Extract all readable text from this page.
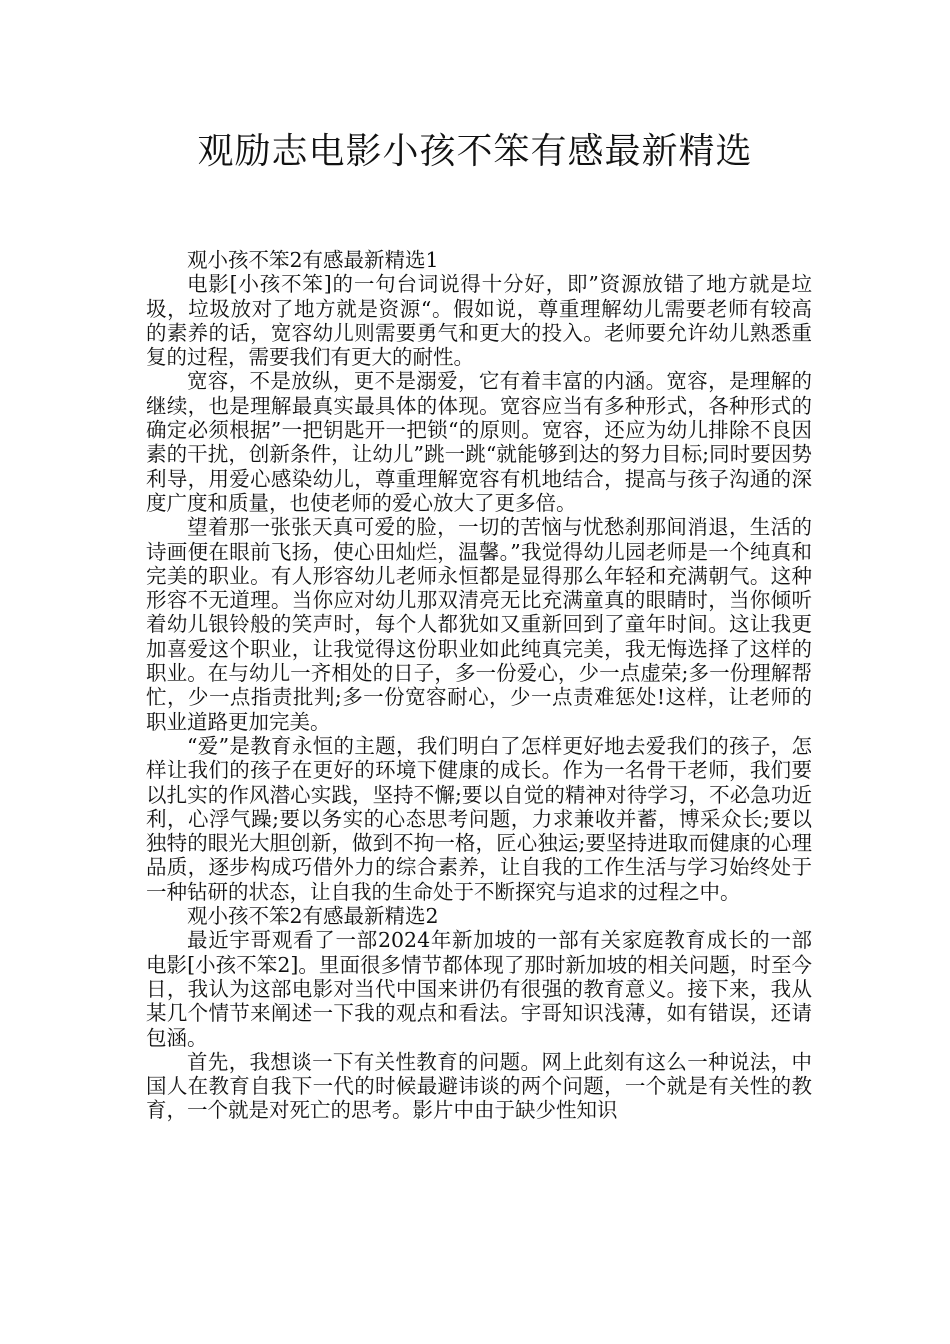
观励志电影小孩不笨有感最新精选

观小孩不笨2有感最新精选1

电影[小孩不笨]的一句台词说得十分好，即”资源放错了地方就是垃圾，垃圾放对了地方就是资源“。假如说，尊重理解幼儿需要老师有较高的素养的话，宽容幼儿则需要勇气和更大的投入。老师要允许幼儿熟悉重复的过程，需要我们有更大的耐性。

宽容，不是放纵，更不是溺爱，它有着丰富的内涵。宽容，是理解的继续，也是理解最真实最具体的体现。宽容应当有多种形式，各种形式的确定必须根据”一把钥匙开一把锁“的原则。宽容，还应为幼儿排除不良因素的干扰，创新条件，让幼儿”跳一跳“就能够到达的努力目标;同时要因势利导，用爱心感染幼儿，尊重理解宽容有机地结合，提高与孩子沟通的深度广度和质量，也使老师的爱心放大了更多倍。

望着那一张张天真可爱的脸，一切的苦恼与忧愁刹那间消退，生活的诗画便在眼前飞扬，使心田灿烂，温馨。”我觉得幼儿园老师是一个纯真和完美的职业。有人形容幼儿老师永恒都是显得那么年轻和充满朝气。这种形容不无道理。当你应对幼儿那双清亮无比充满童真的眼睛时，当你倾听着幼儿银铃般的笑声时，每个人都犹如又重新回到了童年时间。这让我更加喜爱这个职业，让我觉得这份职业如此纯真完美，我无悔选择了这样的职业。在与幼儿一齐相处的日子，多一份爱心，少一点虚荣;多一份理解帮忙，少一点指责批判;多一份宽容耐心，少一点责难惩处!这样，让老师的职业道路更加完美。

“爱”是教育永恒的主题，我们明白了怎样更好地去爱我们的孩子，怎样让我们的孩子在更好的环境下健康的成长。作为一名骨干老师，我们要以扎实的作风潜心实践，坚持不懈;要以自觉的精神对待学习，不必急功近利，心浮气躁;要以务实的心态思考问题，力求兼收并蓄，博采众长;要以独特的眼光大胆创新，做到不拘一格，匠心独运;要坚持进取而健康的心理品质，逐步构成巧借外力的综合素养，让自我的工作生活与学习始终处于一种钻研的状态，让自我的生命处于不断探究与追求的过程之中。

观小孩不笨2有感最新精选2

最近宇哥观看了一部2024年新加坡的一部有关家庭教育成长的一部电影[小孩不笨2]。里面很多情节都体现了那时新加坡的相关问题，时至今日，我认为这部电影对当代中国来讲仍有很强的教育意义。接下来，我从某几个情节来阐述一下我的观点和看法。宇哥知识浅薄，如有错误，还请包涵。

首先，我想谈一下有关性教育的问题。网上此刻有这么一种说法，中国人在教育自我下一代的时候最避讳谈的两个问题，一个就是有关性的教育，一个就是对死亡的思考。影片中由于缺少性知识
